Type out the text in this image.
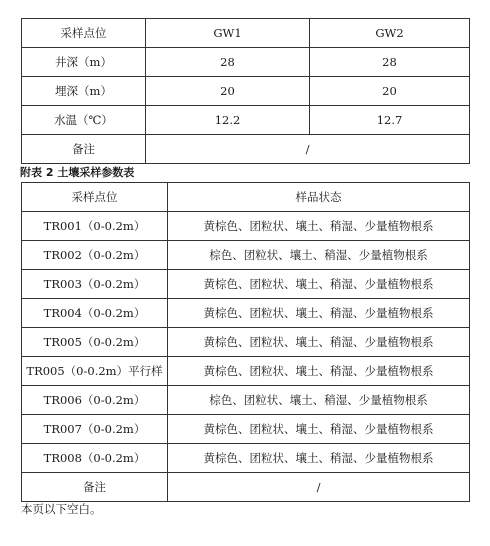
采样点位	GW1	GW2
井深（m）	28	28
埋深（m）	20	20
水温（℃）	12.2	12.7
备注	/	
附表 2 土壤采样参数表
采样点位	样品状态
TR001（0-0.2m）	黄棕色、团粒状、壤土、稍湿、少量植物根系
TR002（0-0.2m）	棕色、团粒状、壤土、稍湿、少量植物根系
TR003（0-0.2m）	黄棕色、团粒状、壤土、稍湿、少量植物根系
TR004（0-0.2m）	黄棕色、团粒状、壤土、稍湿、少量植物根系
TR005（0-0.2m）	黄棕色、团粒状、壤土、稍湿、少量植物根系
TR005（0-0.2m）平行样	黄棕色、团粒状、壤土、稍湿、少量植物根系
TR006（0-0.2m）	棕色、团粒状、壤土、稍湿、少量植物根系
TR007（0-0.2m）	黄棕色、团粒状、壤土、稍湿、少量植物根系
TR008（0-0.2m）	黄棕色、团粒状、壤土、稍湿、少量植物根系
备注	/
本页以下空白。
